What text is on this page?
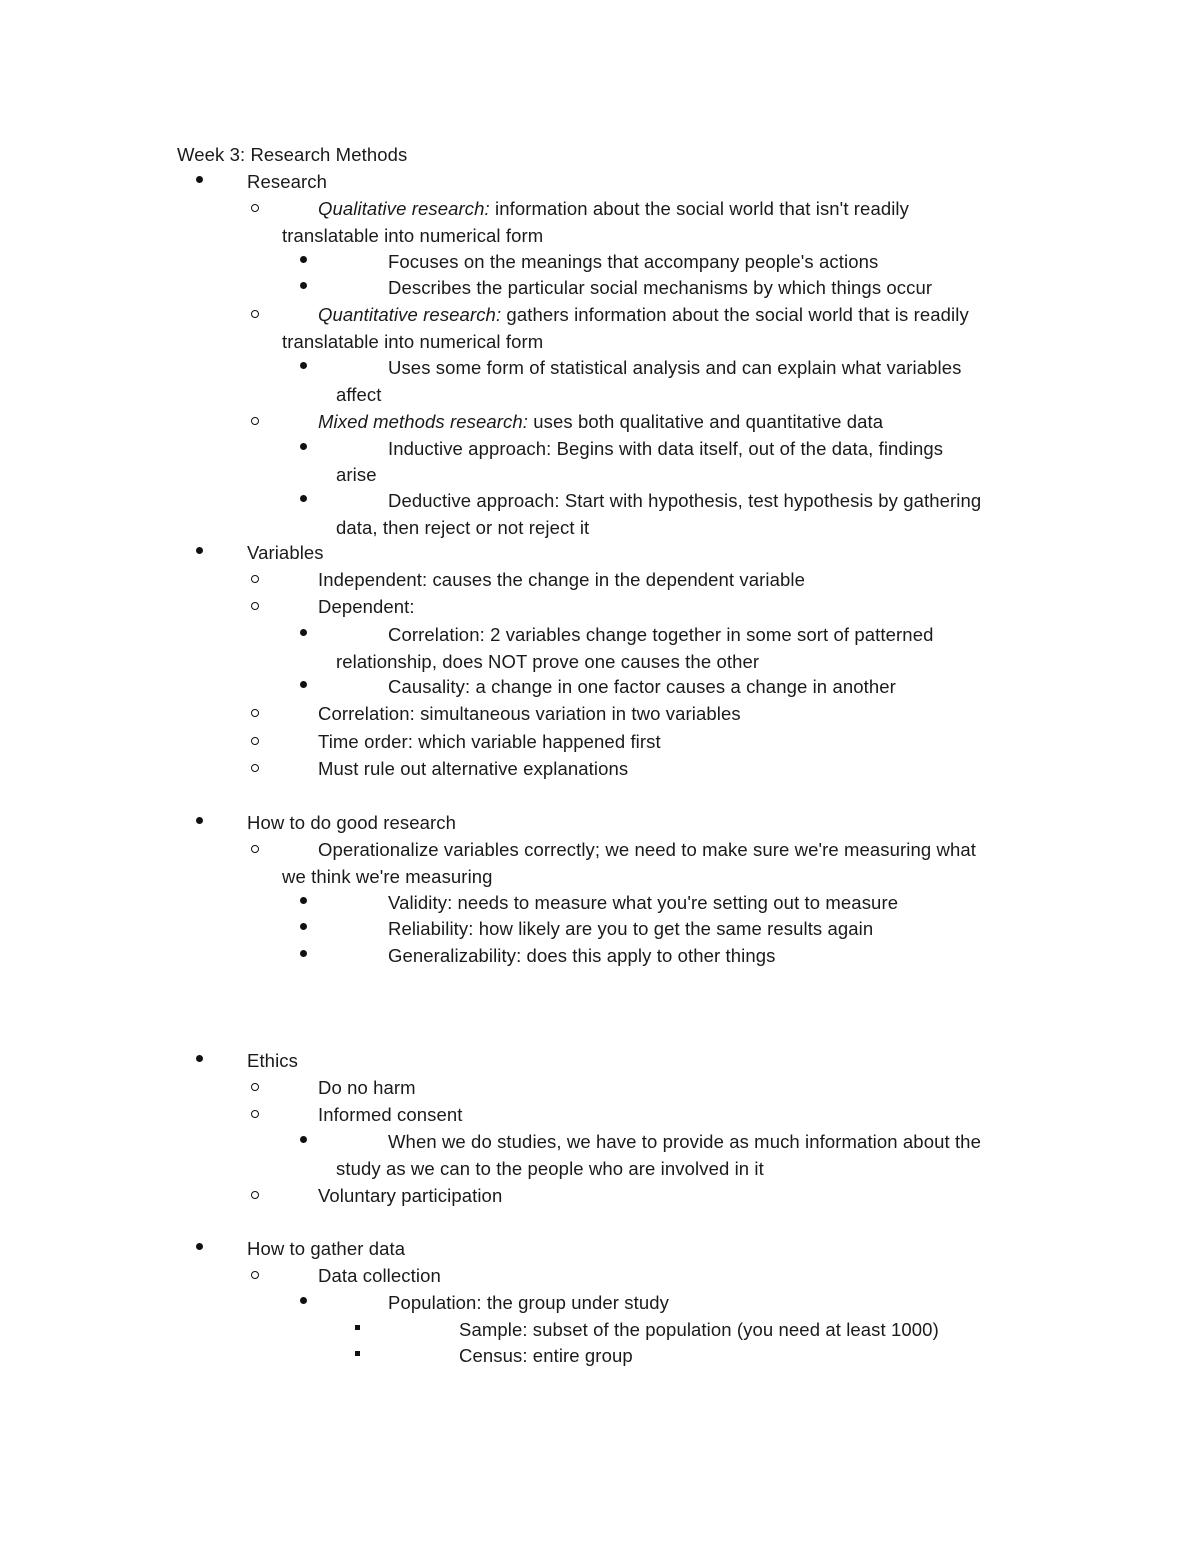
Week 3: Research Methods
Research
Qualitative research: information about the social world that isn't readily
translatable into numerical form
Focuses on the meanings that accompany people's actions
Describes the particular social mechanisms by which things occur
Quantitative research: gathers information about the social world that is readily
translatable into numerical form
Uses some form of statistical analysis and can explain what variables
affect
Mixed methods research: uses both qualitative and quantitative data
Inductive approach: Begins with data itself, out of the data, findings
arise
Deductive approach: Start with hypothesis, test hypothesis by gathering
data, then reject or not reject it
Variables
Independent: causes the change in the dependent variable
Dependent:
Correlation: 2 variables change together in some sort of patterned
relationship, does NOT prove one causes the other
Causality: a change in one factor causes a change in another
Correlation: simultaneous variation in two variables
Time order: which variable happened first
Must rule out alternative explanations
How to do good research
Operationalize variables correctly; we need to make sure we're measuring what
we think we're measuring
Validity: needs to measure what you're setting out to measure
Reliability: how likely are you to get the same results again
Generalizability: does this apply to other things
Ethics
Do no harm
Informed consent
When we do studies, we have to provide as much information about the
study as we can to the people who are involved in it
Voluntary participation
How to gather data
Data collection
Population: the group under study
Sample: subset of the population (you need at least 1000)
Census: entire group
